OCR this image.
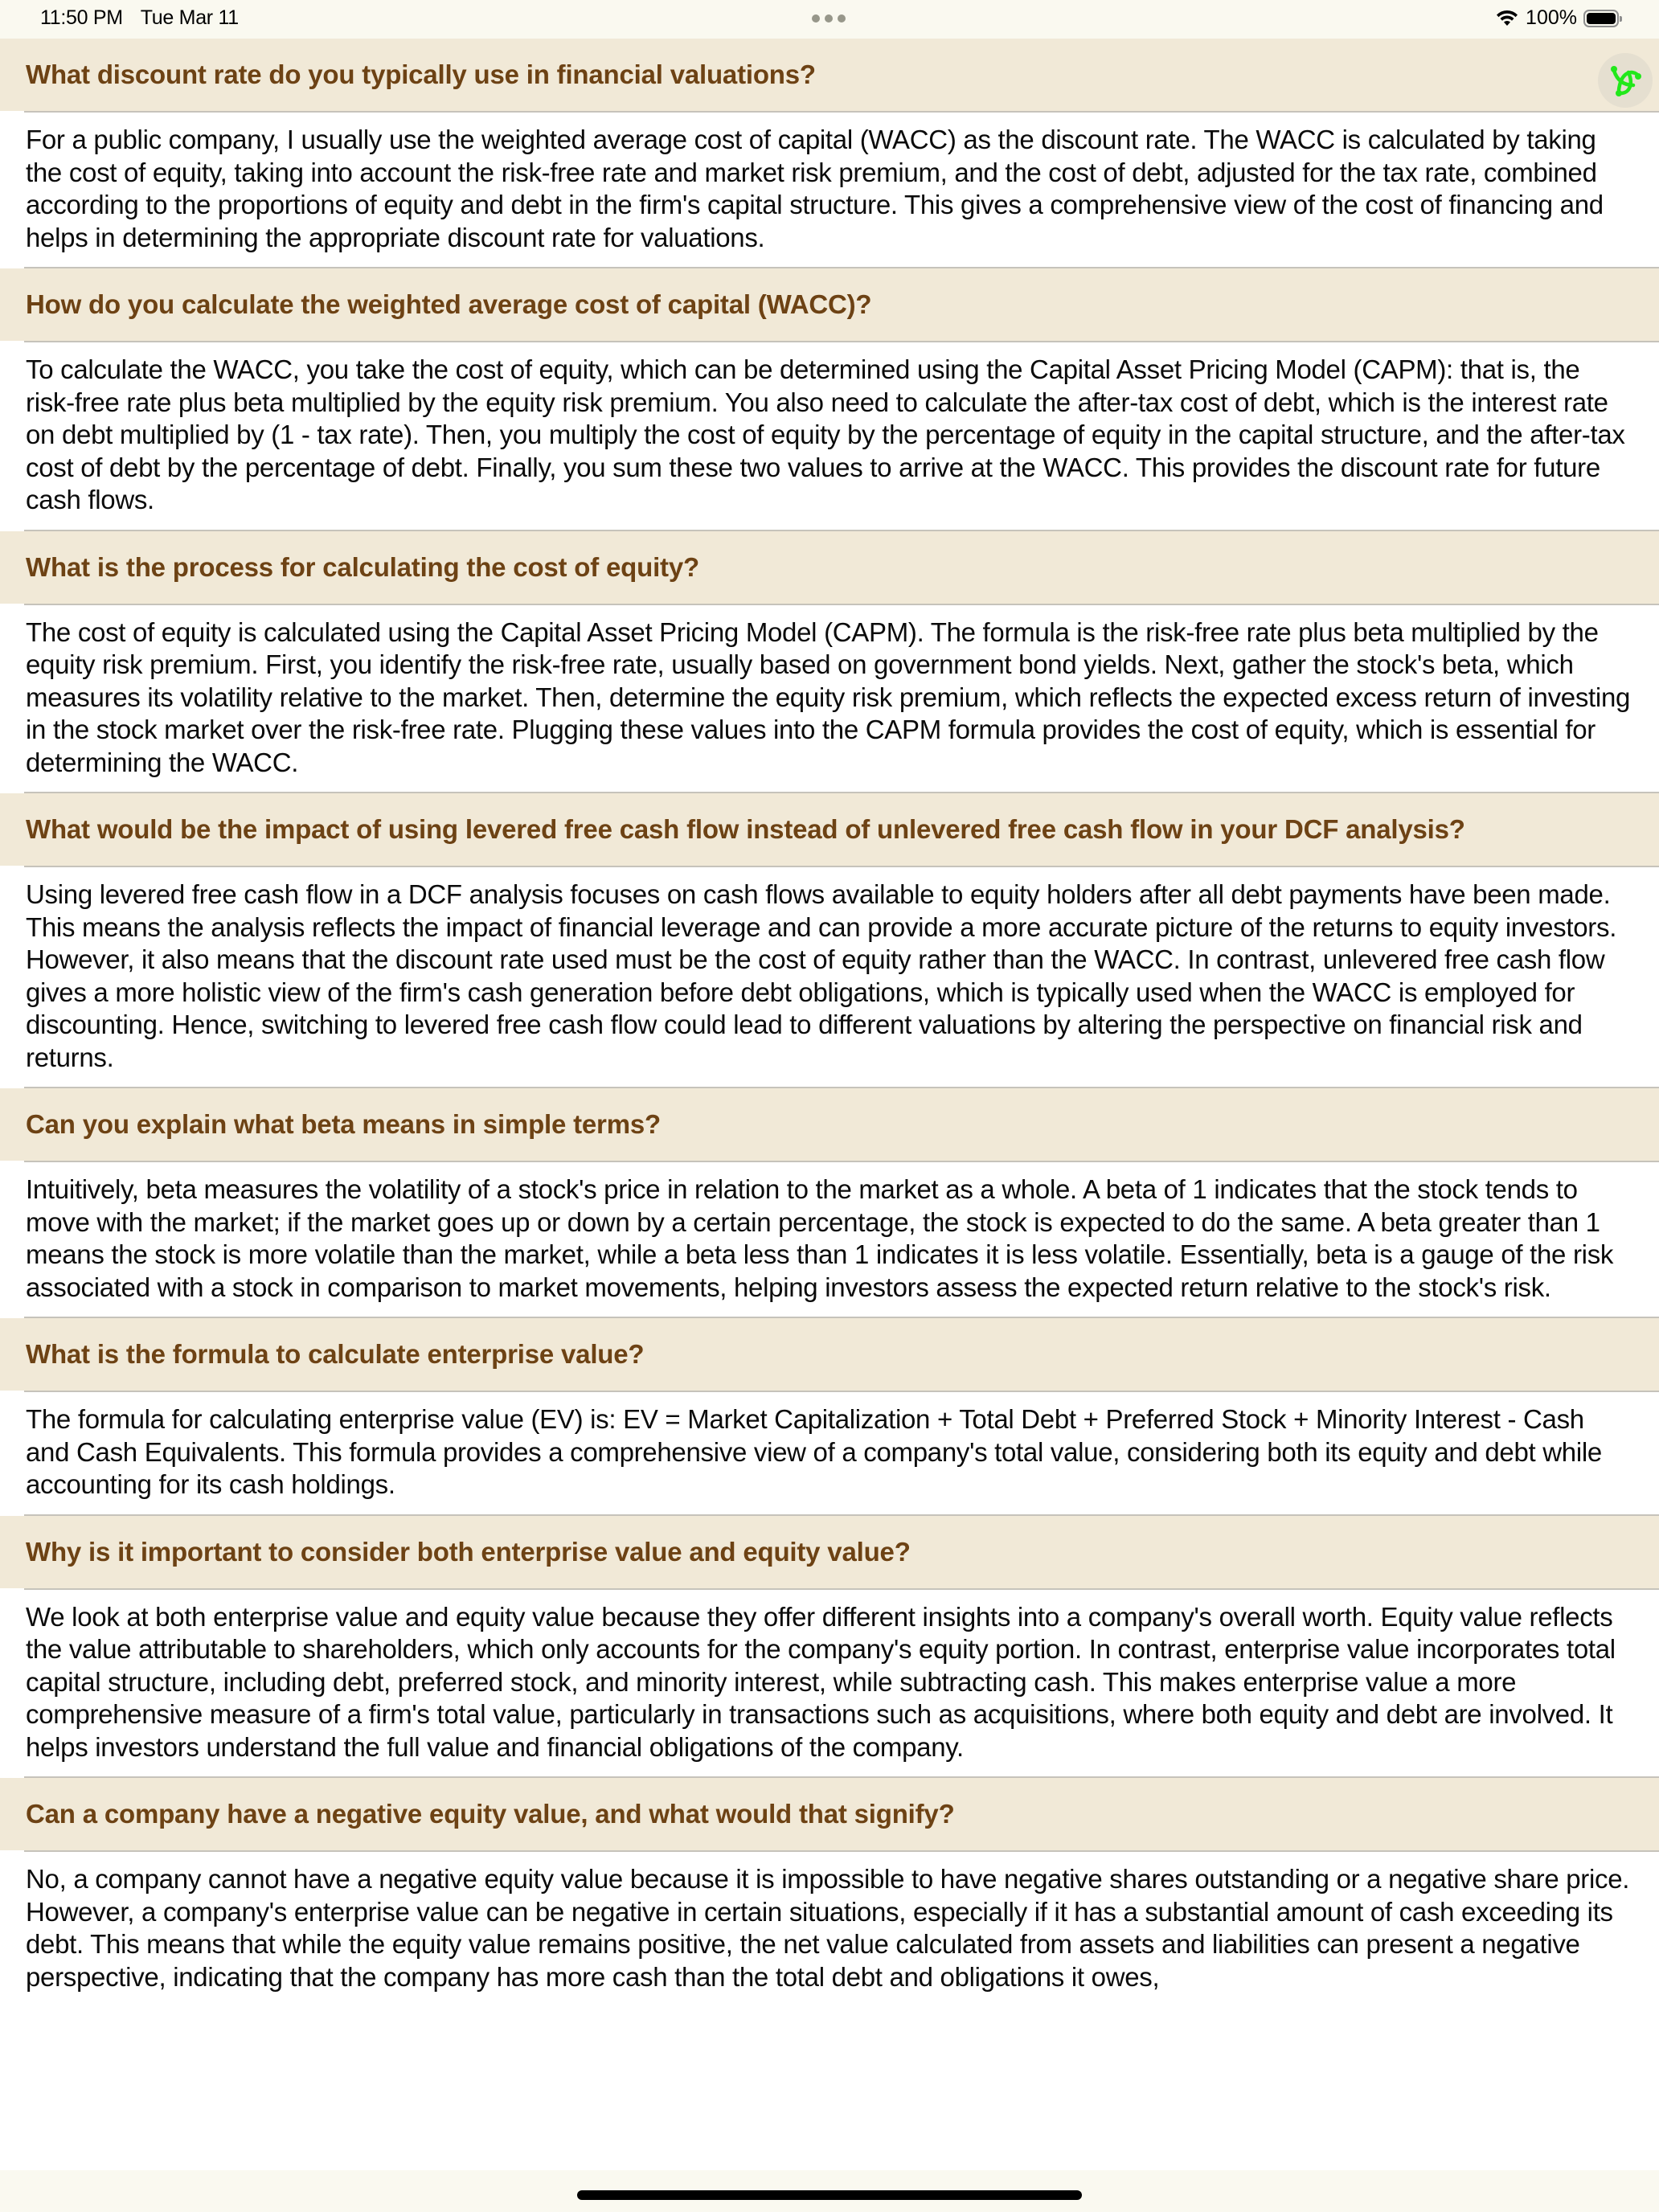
11:50 PM Tue Mar 11	100%
What discount rate do you typically use in financial valuations?
For a public company, I usually use the weighted average cost of capital (WACC) as the discount rate. The WACC is calculated by taking the cost of equity, taking into account the risk-free rate and market risk premium, and the cost of debt, adjusted for the tax rate, combined according to the proportions of equity and debt in the firm's capital structure. This gives a comprehensive view of the cost of financing and helps in determining the appropriate discount rate for valuations.
How do you calculate the weighted average cost of capital (WACC)?
To calculate the WACC, you take the cost of equity, which can be determined using the Capital Asset Pricing Model (CAPM): that is, the risk-free rate plus beta multiplied by the equity risk premium. You also need to calculate the after-tax cost of debt, which is the interest rate on debt multiplied by (1 - tax rate). Then, you multiply the cost of equity by the percentage of equity in the capital structure, and the after-tax cost of debt by the percentage of debt. Finally, you sum these two values to arrive at the WACC. This provides the discount rate for future cash flows.
What is the process for calculating the cost of equity?
The cost of equity is calculated using the Capital Asset Pricing Model (CAPM). The formula is the risk-free rate plus beta multiplied by the equity risk premium. First, you identify the risk-free rate, usually based on government bond yields. Next, gather the stock's beta, which measures its volatility relative to the market. Then, determine the equity risk premium, which reflects the expected excess return of investing in the stock market over the risk-free rate. Plugging these values into the CAPM formula provides the cost of equity, which is essential for determining the WACC.
What would be the impact of using levered free cash flow instead of unlevered free cash flow in your DCF analysis?
Using levered free cash flow in a DCF analysis focuses on cash flows available to equity holders after all debt payments have been made. This means the analysis reflects the impact of financial leverage and can provide a more accurate picture of the returns to equity investors. However, it also means that the discount rate used must be the cost of equity rather than the WACC. In contrast, unlevered free cash flow gives a more holistic view of the firm's cash generation before debt obligations, which is typically used when the WACC is employed for discounting. Hence, switching to levered free cash flow could lead to different valuations by altering the perspective on financial risk and returns.
Can you explain what beta means in simple terms?
Intuitively, beta measures the volatility of a stock's price in relation to the market as a whole. A beta of 1 indicates that the stock tends to move with the market; if the market goes up or down by a certain percentage, the stock is expected to do the same. A beta greater than 1 means the stock is more volatile than the market, while a beta less than 1 indicates it is less volatile. Essentially, beta is a gauge of the risk associated with a stock in comparison to market movements, helping investors assess the expected return relative to the stock's risk.
What is the formula to calculate enterprise value?
The formula for calculating enterprise value (EV) is: EV = Market Capitalization + Total Debt + Preferred Stock + Minority Interest - Cash and Cash Equivalents. This formula provides a comprehensive view of a company's total value, considering both its equity and debt while accounting for its cash holdings.
Why is it important to consider both enterprise value and equity value?
We look at both enterprise value and equity value because they offer different insights into a company's overall worth. Equity value reflects the value attributable to shareholders, which only accounts for the company's equity portion. In contrast, enterprise value incorporates total capital structure, including debt, preferred stock, and minority interest, while subtracting cash. This makes enterprise value a more comprehensive measure of a firm's total value, particularly in transactions such as acquisitions, where both equity and debt are involved. It helps investors understand the full value and financial obligations of the company.
Can a company have a negative equity value, and what would that signify?
No, a company cannot have a negative equity value because it is impossible to have negative shares outstanding or a negative share price. However, a company's enterprise value can be negative in certain situations, especially if it has a substantial amount of cash exceeding its debt. This means that while the equity value remains positive, the net value calculated from assets and liabilities can present a negative perspective, indicating that the company has more cash than the total debt and obligations it owes,
